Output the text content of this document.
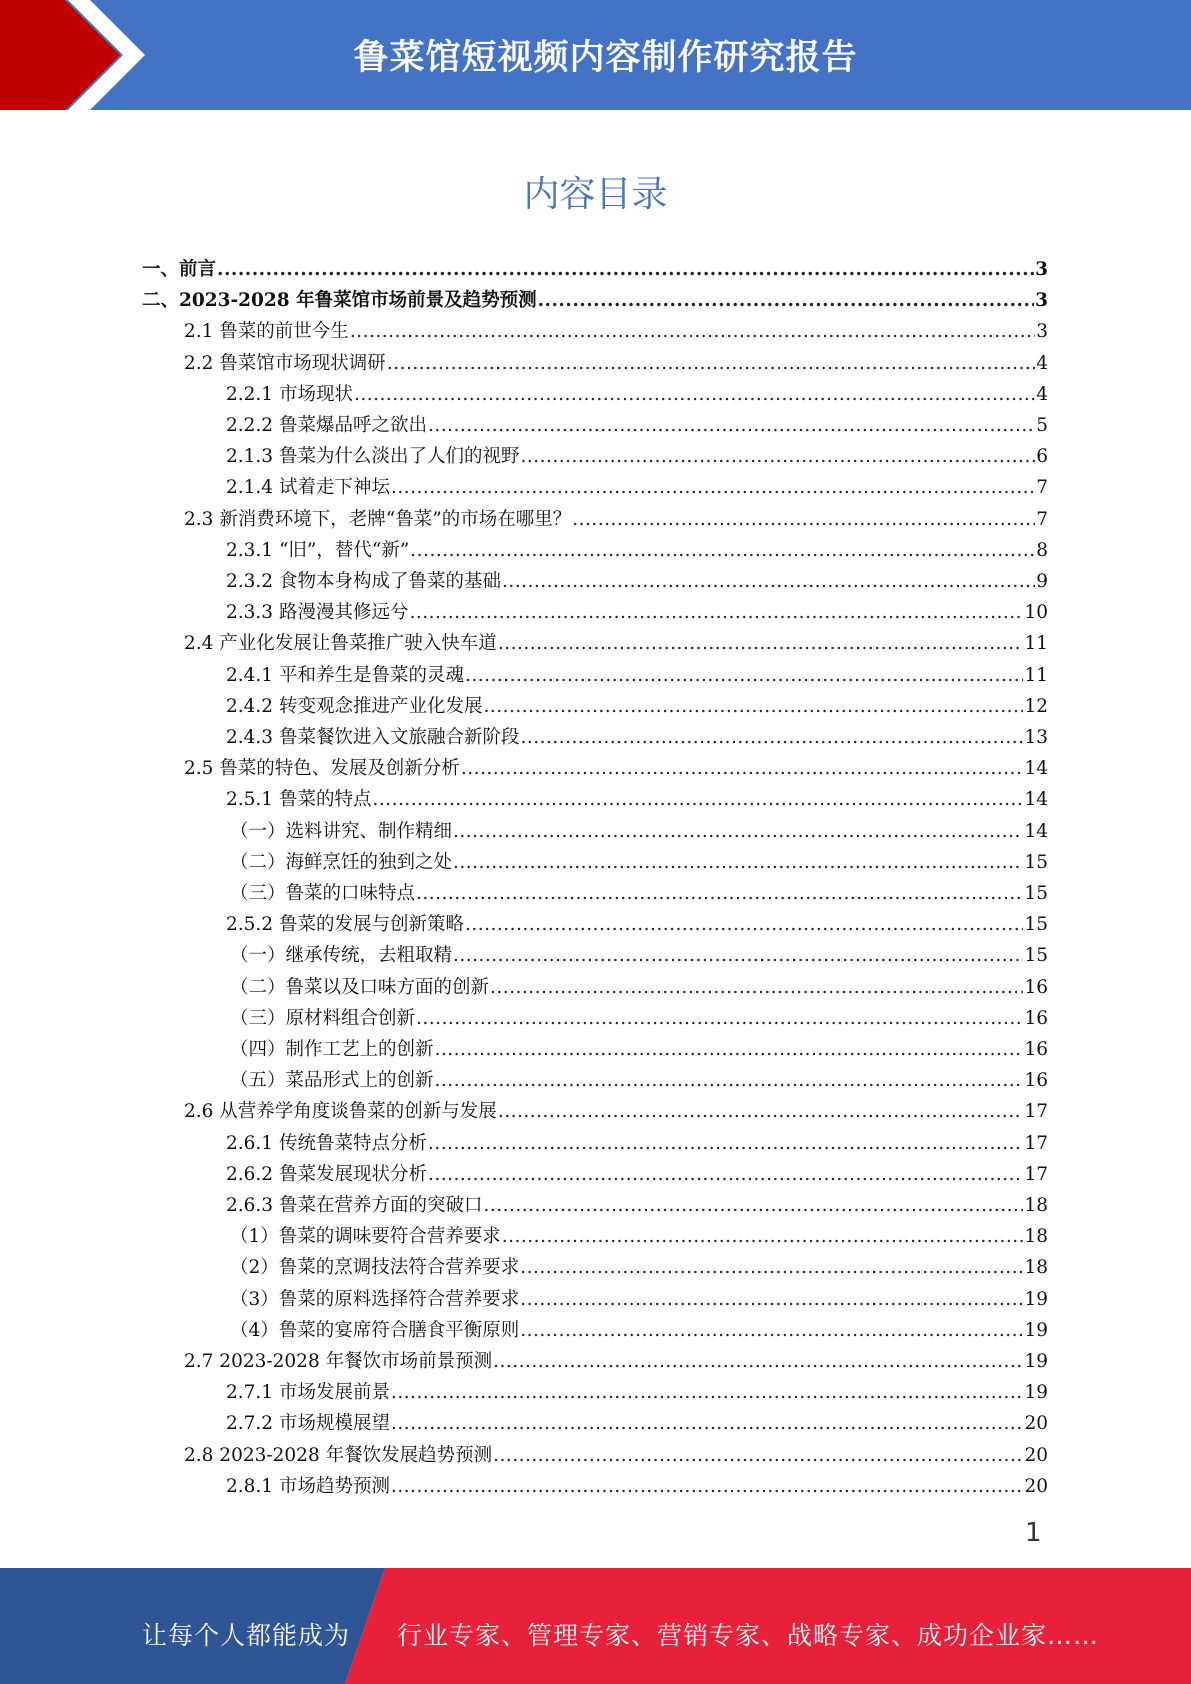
鲁菜馆短视频内容制作研究报告
内容目录
一、前言 .....	3
二、2023-2028 年鲁菜馆市场前景及趋势预测 .....	3
2.1 鲁菜的前世今生 .....	3
2.2 鲁菜馆市场现状调研 .....	4
2.2.1 市场现状 .....	4
2.2.2 鲁菜爆品呼之欲出 .....	5
2.1.3 鲁菜为什么淡出了人们的视野 .....	6
2.1.4 试着走下神坛 .....	7
2.3 新消费环境下，老牌“鲁菜”的市场在哪里？ .....	7
2.3.1 “旧”，替代“新” .....	8
2.3.2 食物本身构成了鲁菜的基础 .....	9
2.3.3 路漫漫其修远兮 .....	10
2.4 产业化发展让鲁菜推广驶入快车道 .....	11
2.4.1 平和养生是鲁菜的灵魂 .....	11
2.4.2 转变观念推进产业化发展 .....	12
2.4.3 鲁菜餐饮进入文旅融合新阶段 .....	13
2.5 鲁菜的特色、发展及创新分析 .....	14
2.5.1 鲁菜的特点 .....	14
（一）选料讲究、制作精细 .....	14
（二）海鲜烹饪的独到之处 .....	15
（三）鲁菜的口味特点 .....	15
2.5.2 鲁菜的发展与创新策略 .....	15
（一）继承传统，去粗取精 .....	15
（二）鲁菜以及口味方面的创新 .....	16
（三）原材料组合创新 .....	16
（四）制作工艺上的创新 .....	16
（五）菜品形式上的创新 .....	16
2.6 从营养学角度谈鲁菜的创新与发展 .....	17
2.6.1 传统鲁菜特点分析 .....	17
2.6.2 鲁菜发展现状分析 .....	17
2.6.3 鲁菜在营养方面的突破口 .....	18
（1）鲁菜的调味要符合营养要求 .....	18
（2）鲁菜的烹调技法符合营养要求 .....	18
（3）鲁菜的原料选择符合营养要求 .....	19
（4）鲁菜的宴席符合膳食平衡原则 .....	19
2.7 2023-2028 年餐饮市场前景预测 .....	19
2.7.1 市场发展前景 .....	19
2.7.2 市场规模展望 .....	20
2.8 2023-2028 年餐饮发展趋势预测 .....	20
2.8.1 市场趋势预测 .....	20
1
让每个人都能成为 行业专家、管理专家、营销专家、战略专家、成功企业家……
